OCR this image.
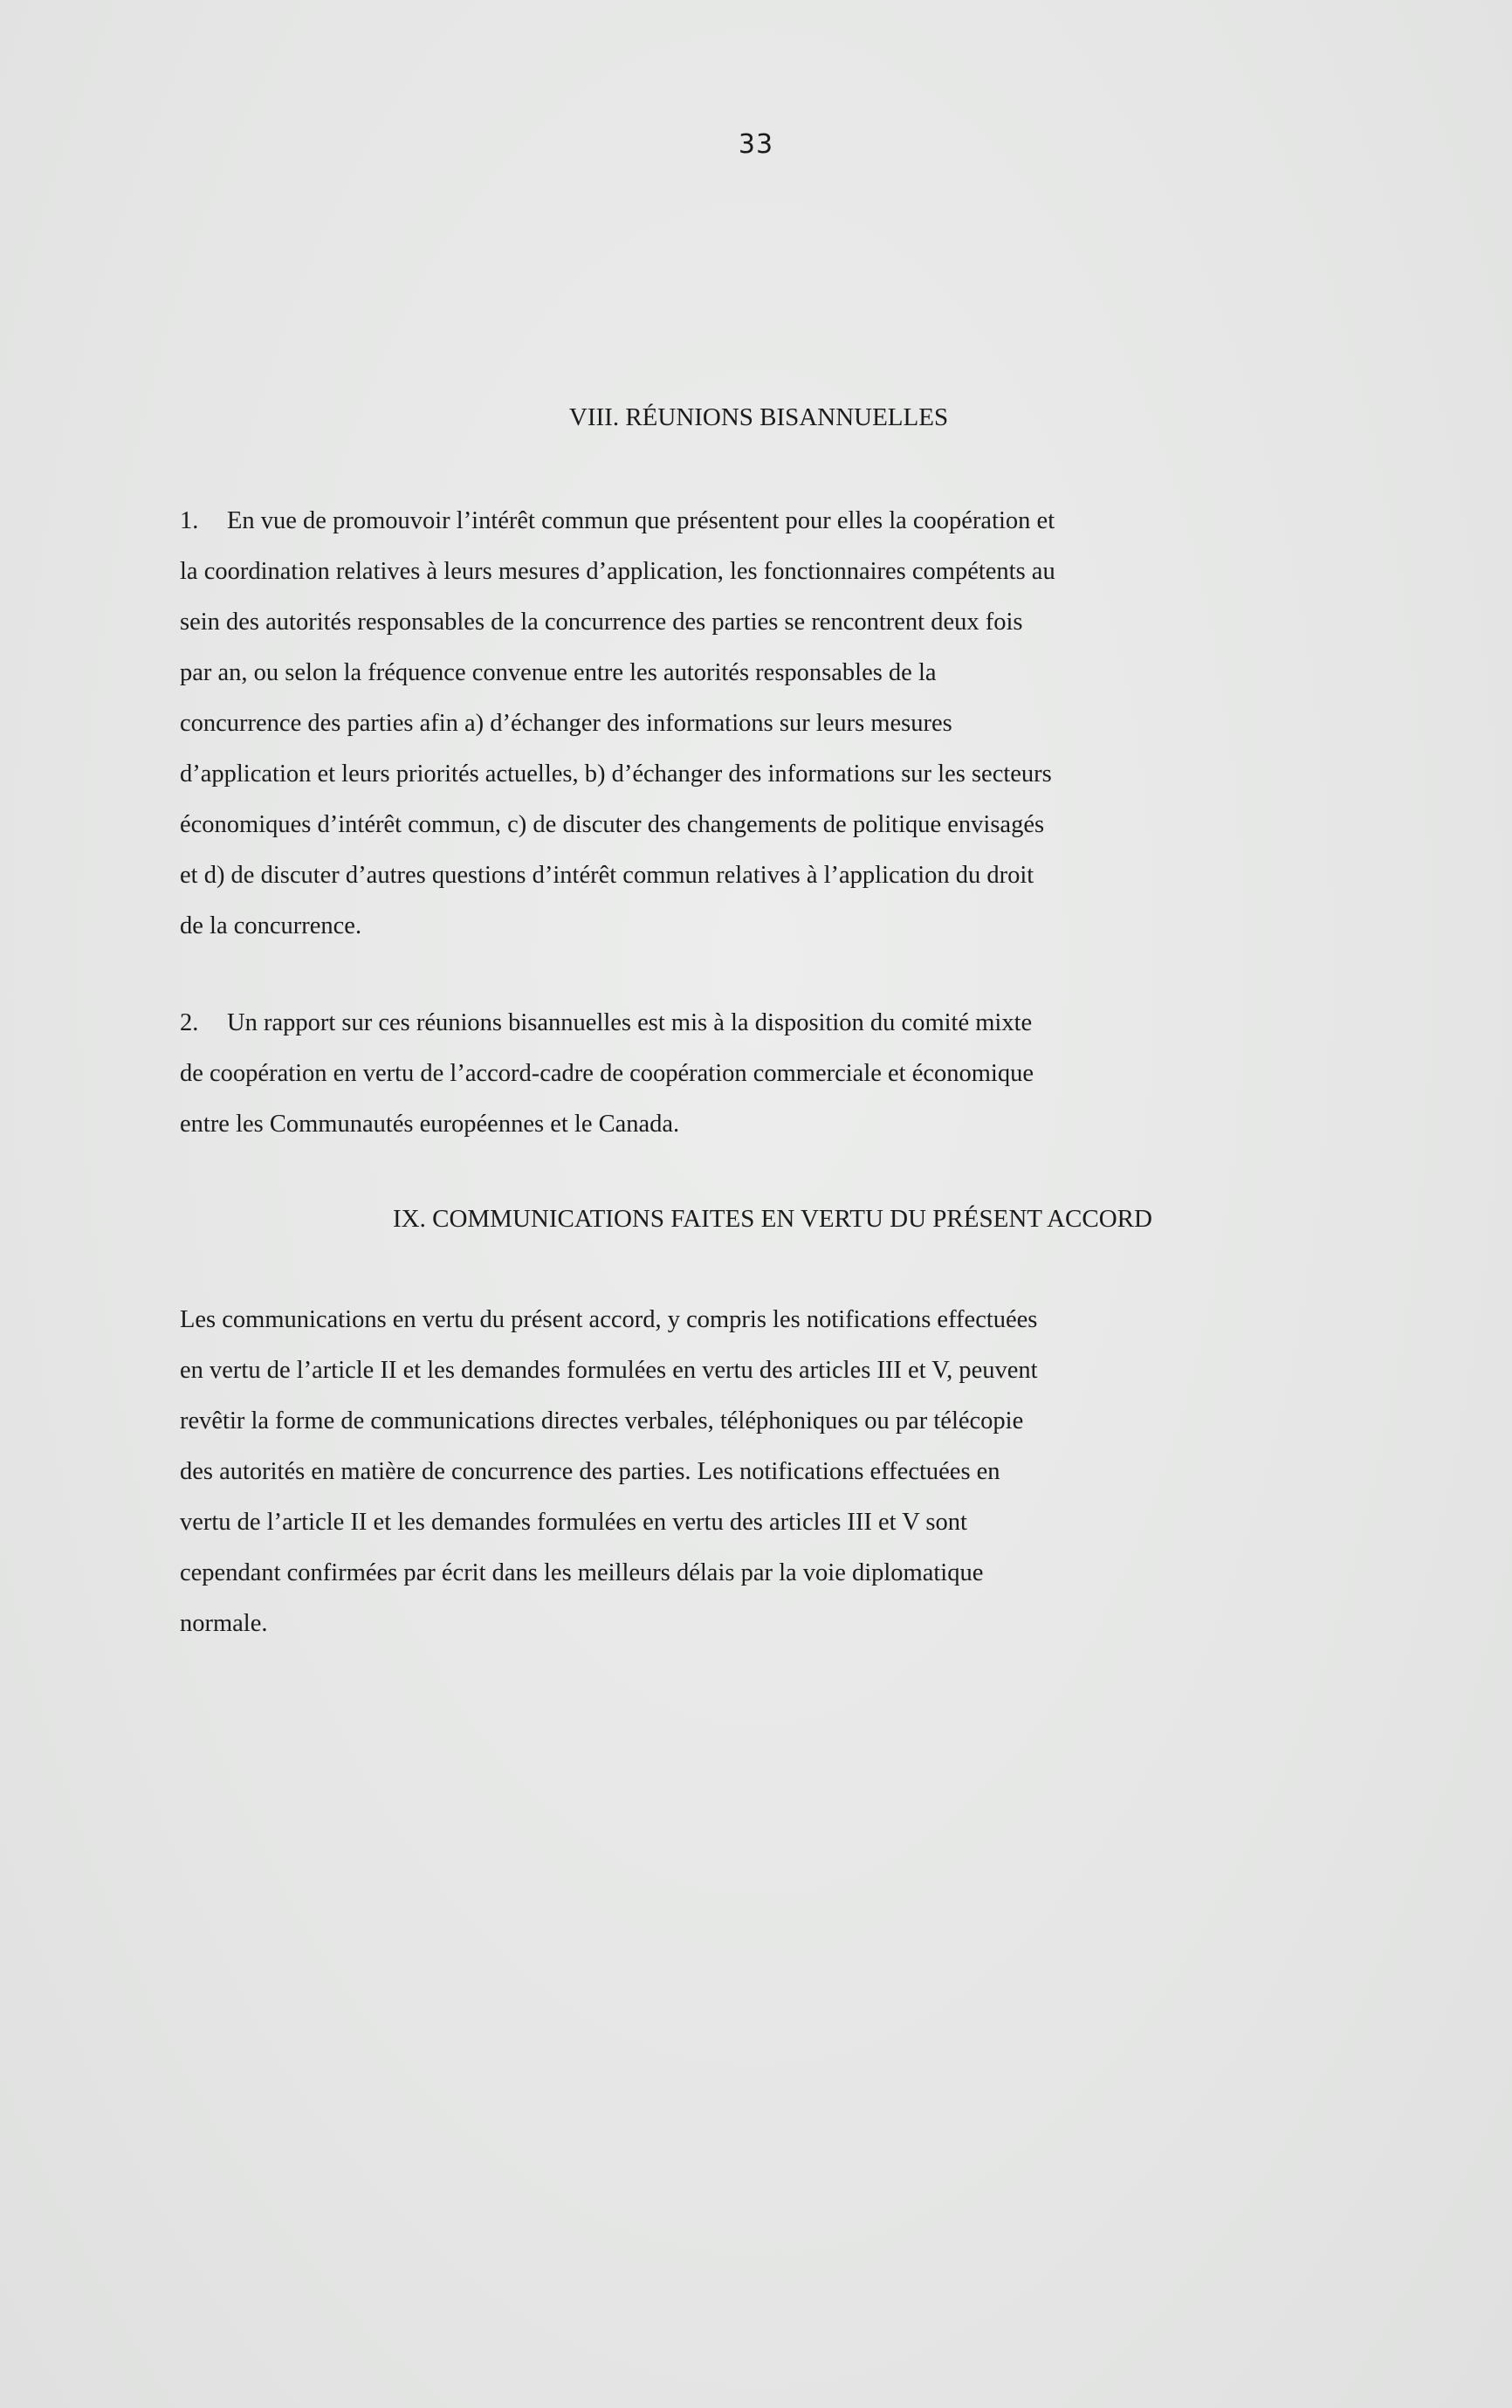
33
VIII. RÉUNIONS BISANNUELLES
1. En vue de promouvoir l’intérêt commun que présentent pour elles la coopération et
la coordination relatives à leurs mesures d’application, les fonctionnaires compétents au
sein des autorités responsables de la concurrence des parties se rencontrent deux fois
par an, ou selon la fréquence convenue entre les autorités responsables de la
concurrence des parties afin a) d’échanger des informations sur leurs mesures
d’application et leurs priorités actuelles, b) d’échanger des informations sur les secteurs
économiques d’intérêt commun, c) de discuter des changements de politique envisagés
et d) de discuter d’autres questions d’intérêt commun relatives à l’application du droit
de la concurrence.
2. Un rapport sur ces réunions bisannuelles est mis à la disposition du comité mixte
de coopération en vertu de l’accord-cadre de coopération commerciale et économique
entre les Communautés européennes et le Canada.
IX. COMMUNICATIONS FAITES EN VERTU DU PRÉSENT ACCORD
Les communications en vertu du présent accord, y compris les notifications effectuées
en vertu de l’article II et les demandes formulées en vertu des articles III et V, peuvent
revêtir la forme de communications directes verbales, téléphoniques ou par télécopie
des autorités en matière de concurrence des parties. Les notifications effectuées en
vertu de l’article II et les demandes formulées en vertu des articles III et V sont
cependant confirmées par écrit dans les meilleurs délais par la voie diplomatique
normale.
